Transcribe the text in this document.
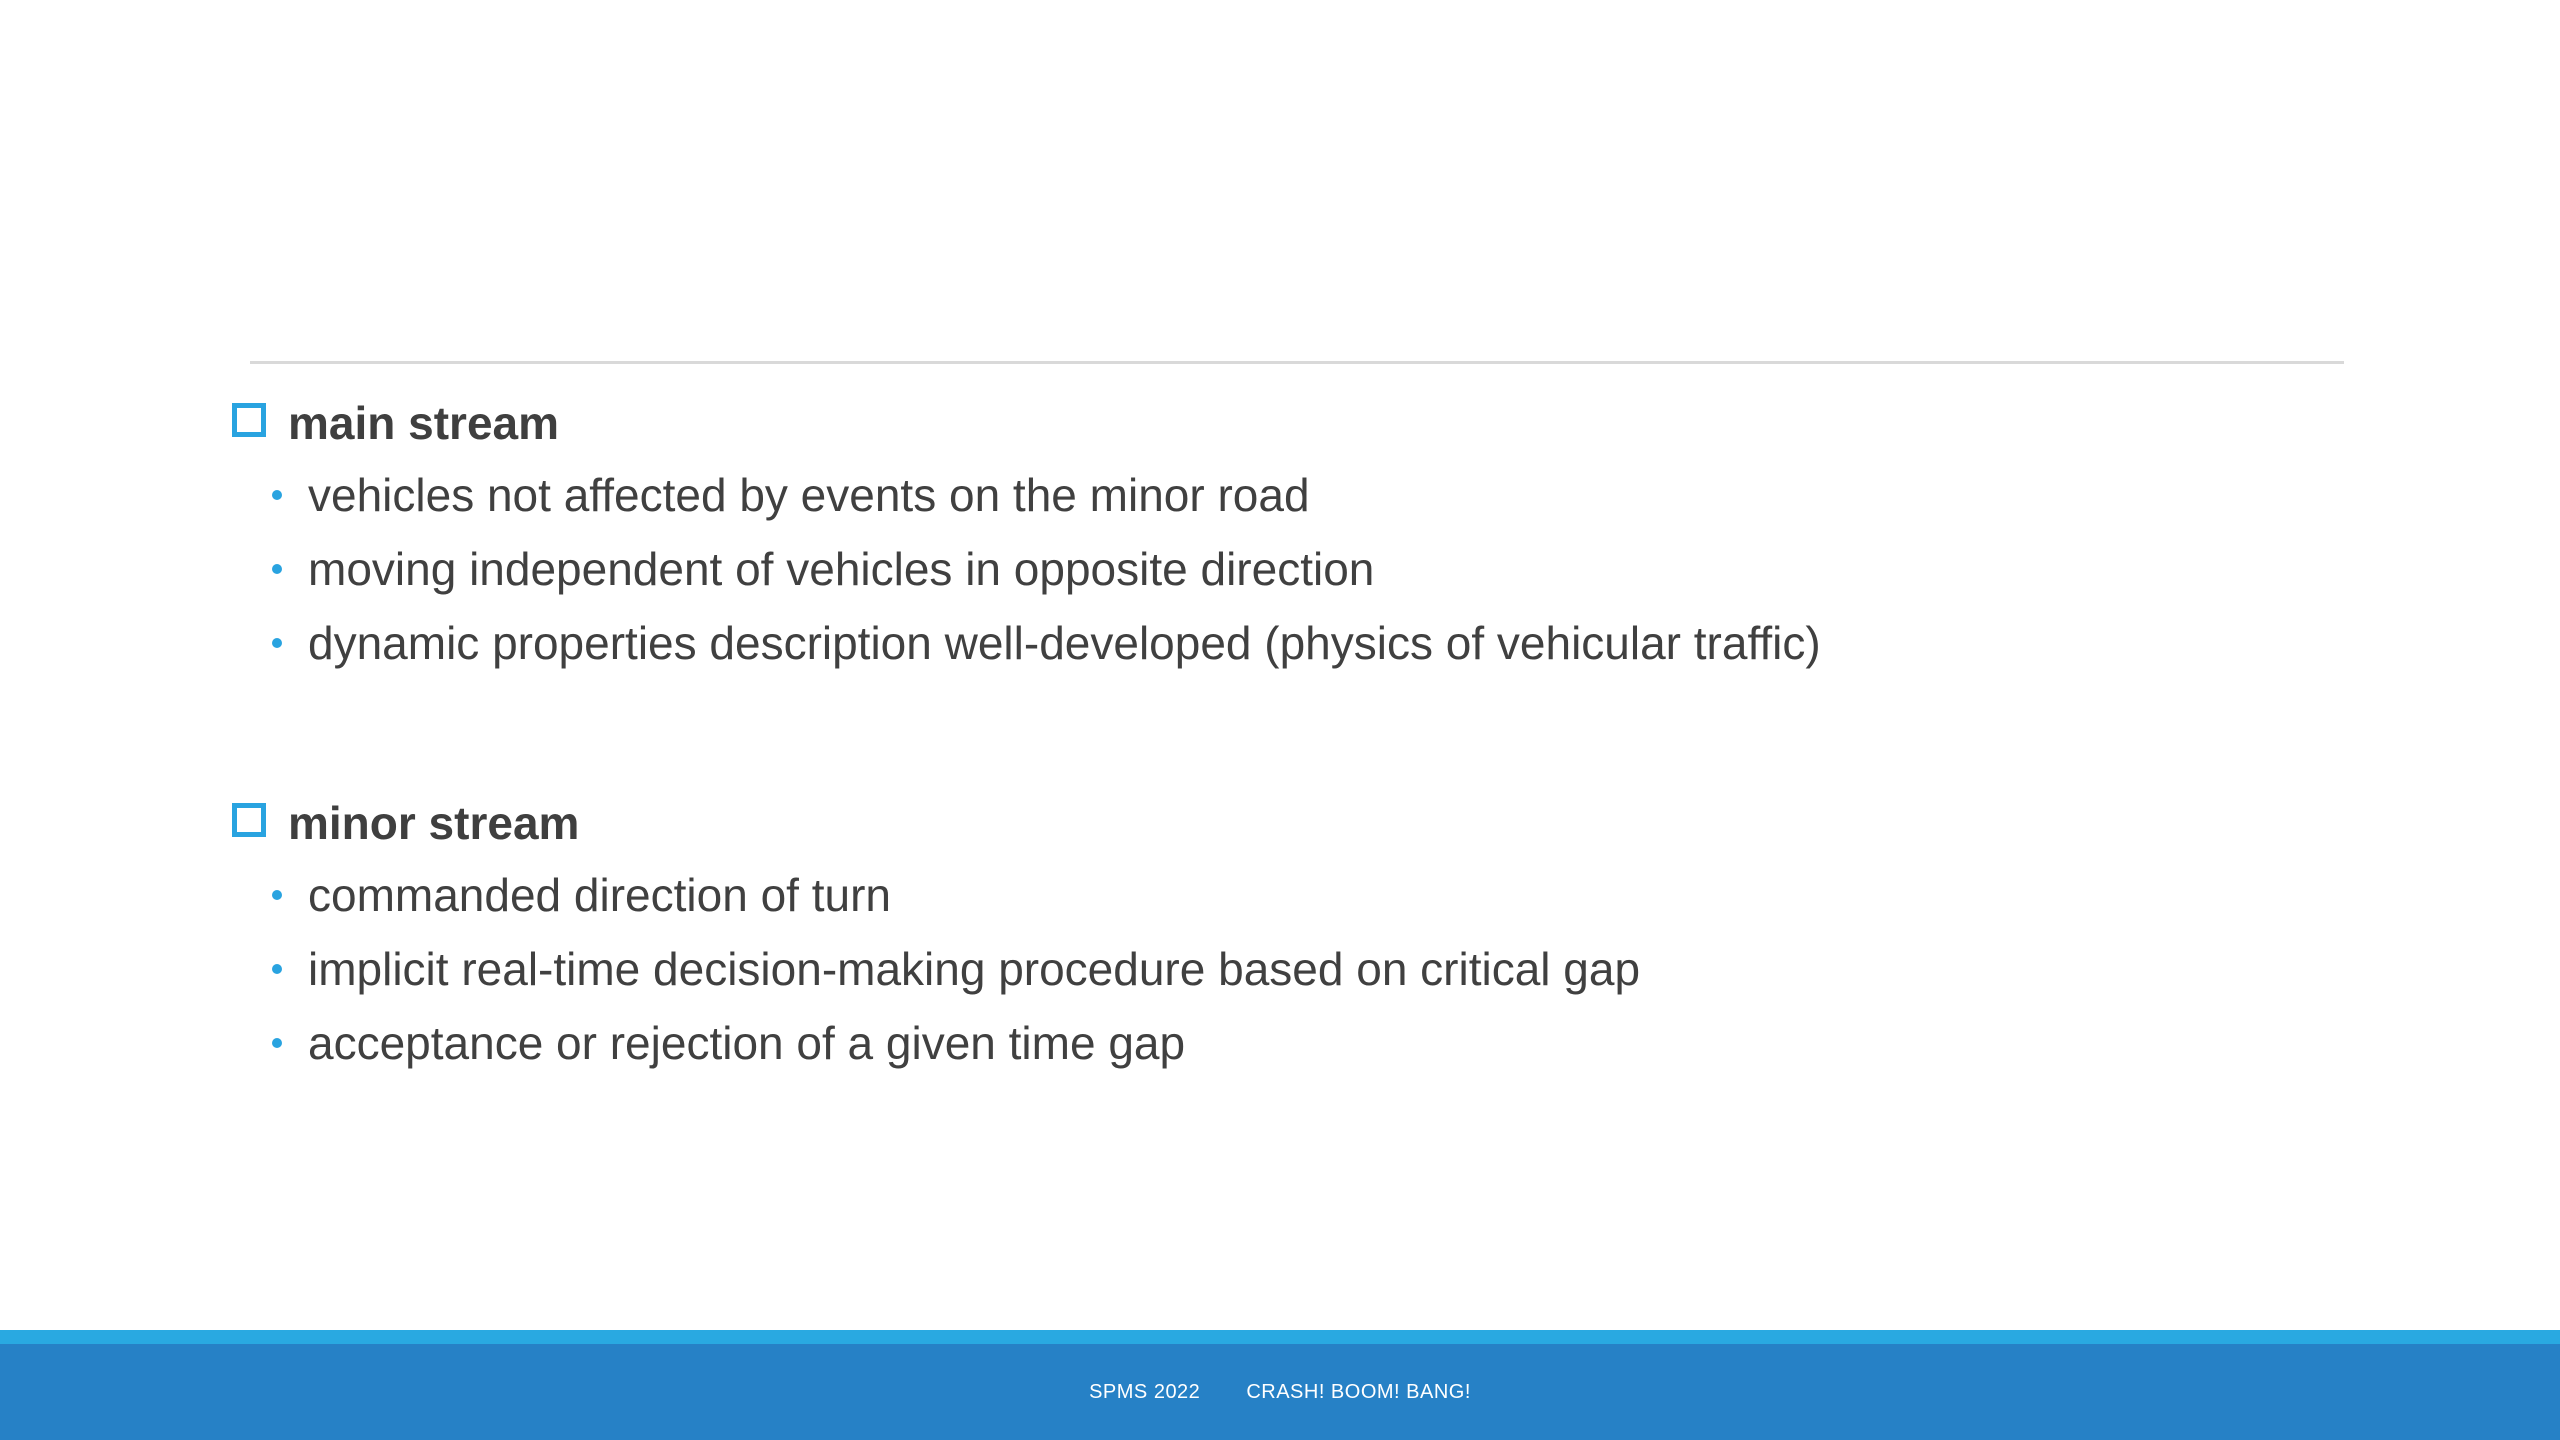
main stream
vehicles not affected by events on the minor road
moving independent of vehicles in opposite direction
dynamic properties description well-developed (physics of vehicular traffic)
minor stream
commanded direction of turn
implicit real-time decision-making procedure based on critical gap
acceptance or rejection of a given time gap
SPMS 2022 CRASH! BOOM! BANG!
